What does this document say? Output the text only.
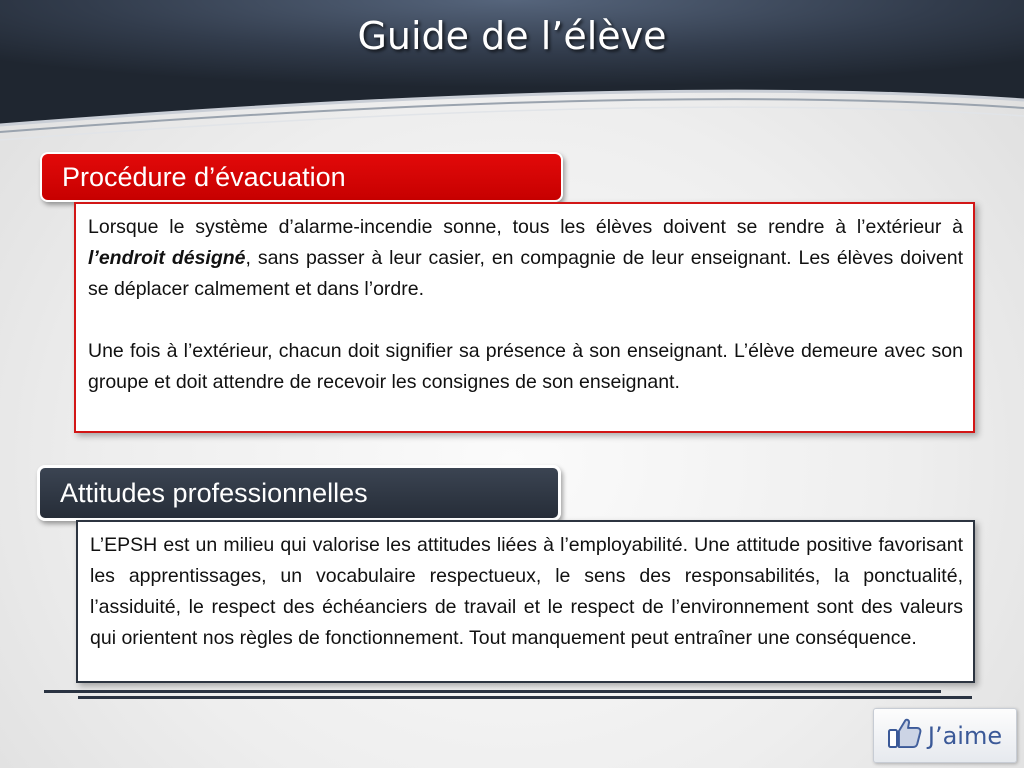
Guide de l’élève
Procédure d’évacuation

Lorsque le système d’alarme-incendie sonne, tous les élèves doivent se rendre à l’extérieur à l’endroit désigné, sans passer à leur casier, en compagnie de leur enseignant. Les élèves doivent se déplacer calmement et dans l’ordre.

Une fois à l’extérieur, chacun doit signifier sa présence à son enseignant. L’élève demeure avec son groupe et doit attendre de recevoir les consignes de son enseignant.

Attitudes professionnelles

L’EPSH est un milieu qui valorise les attitudes liées à l’employabilité. Une attitude positive favorisant les apprentissages, un vocabulaire respectueux, le sens des responsabilités, la ponctualité, l’assiduité, le respect des échéanciers de travail et le respect de l’environnement sont des valeurs qui orientent nos règles de fonctionnement. Tout manquement peut entraîner une conséquence.

J’aime
